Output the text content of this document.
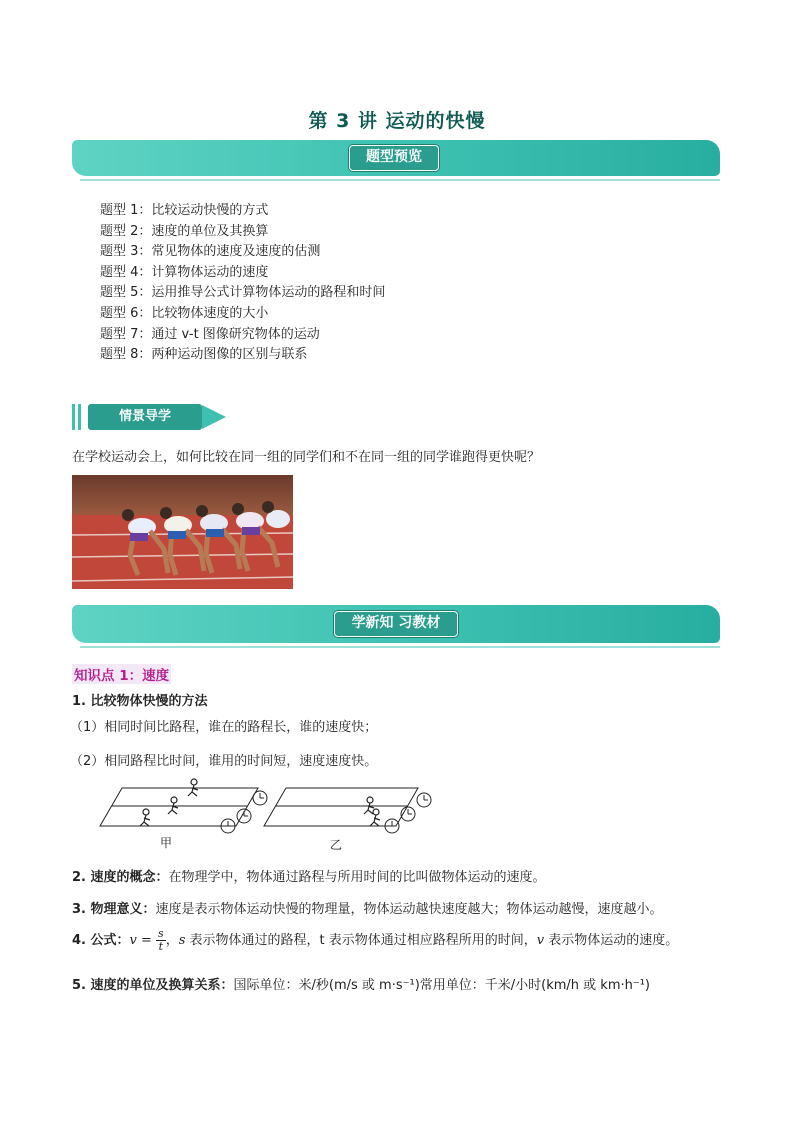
第 3 讲 运动的快慢
题型预览
题型 1：比较运动快慢的方式
题型 2：速度的单位及其换算
题型 3：常见物体的速度及速度的估测
题型 4：计算物体运动的速度
题型 5：运用推导公式计算物体运动的路程和时间
题型 6：比较物体速度的大小
题型 7：通过 v-t 图像研究物体的运动
题型 8：两种运动图像的区别与联系
情景导学
在学校运动会上，如何比较在同一组的同学们和不在同一组的同学谁跑得更快呢？
学新知 习教材
知识点 1：速度
1. 比较物体快慢的方法
（1）相同时间比路程，谁在的路程长，谁的速度快；
（2）相同路程比时间，谁用的时间短，速度速度快。
甲	乙
2. 速度的概念：在物理学中，物体通过路程与所用时间的比叫做物体运动的速度。
3. 物理意义：速度是表示物体运动快慢的物理量，物体运动越快速度越大；物体运动越慢，速度越小。
4. 公式：$v = \frac{s}{t}$ ，s 表示物体通过的路程，t 表示物体通过相应路程所用的时间，v 表示物体运动的速度。
5. 速度的单位及换算关系：国际单位：米/秒(m/s 或 m·s⁻¹)常用单位：千米/小时(km/h 或 km·h⁻¹)
